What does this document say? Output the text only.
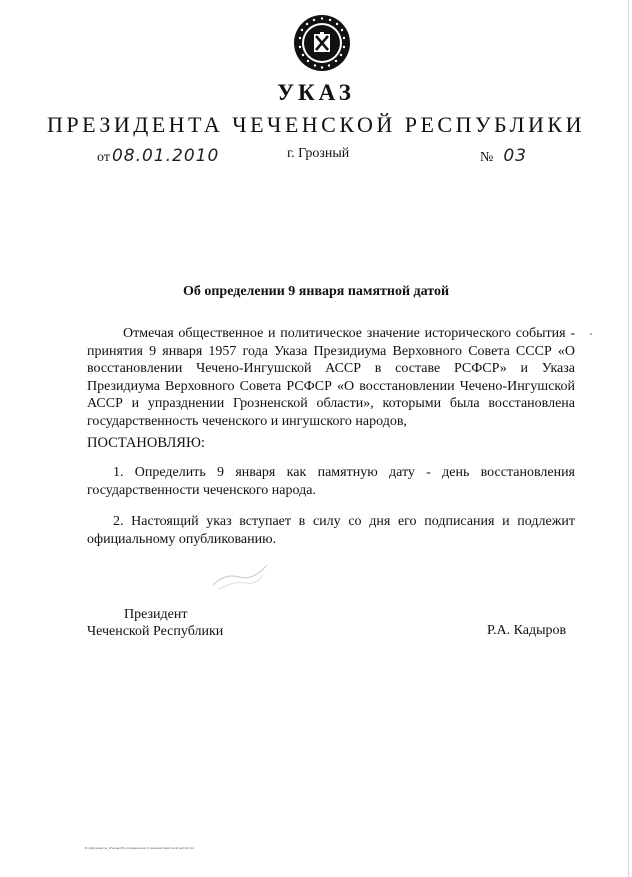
УКАЗ
ПРЕЗИДЕНТА ЧЕЧЕНСКОЙ РЕСПУБЛИКИ
от 08.01.2010	г. Грозный	№ 03
Об определении 9 января памятной датой
Отмечая общественное и политическое значение исторического события - принятия 9 января 1957 года Указа Президиума Верховного Совета СССР «О восстановлении Чечено-Ингушской АССР в составе РСФСР» и Указа Президиума Верховного Совета РСФСР «О восстановлении Чечено-Ингушской АССР и упразднении Грозненской области», которыми была восстановлена государственность чеченского и ингушского народов,
ПОСТАНОВЛЯЮ:
1. Определить 9 января как памятную дату - день восстановления государственности чеченского народа.
2. Настоящий указ вступает в силу со дня его подписания и подлежит официальному опубликованию.
Президент
Чеченской Республики	Р.А. Кадыров
D:\Документы_\Указы\Об определении 9 января памятной датой.doc
